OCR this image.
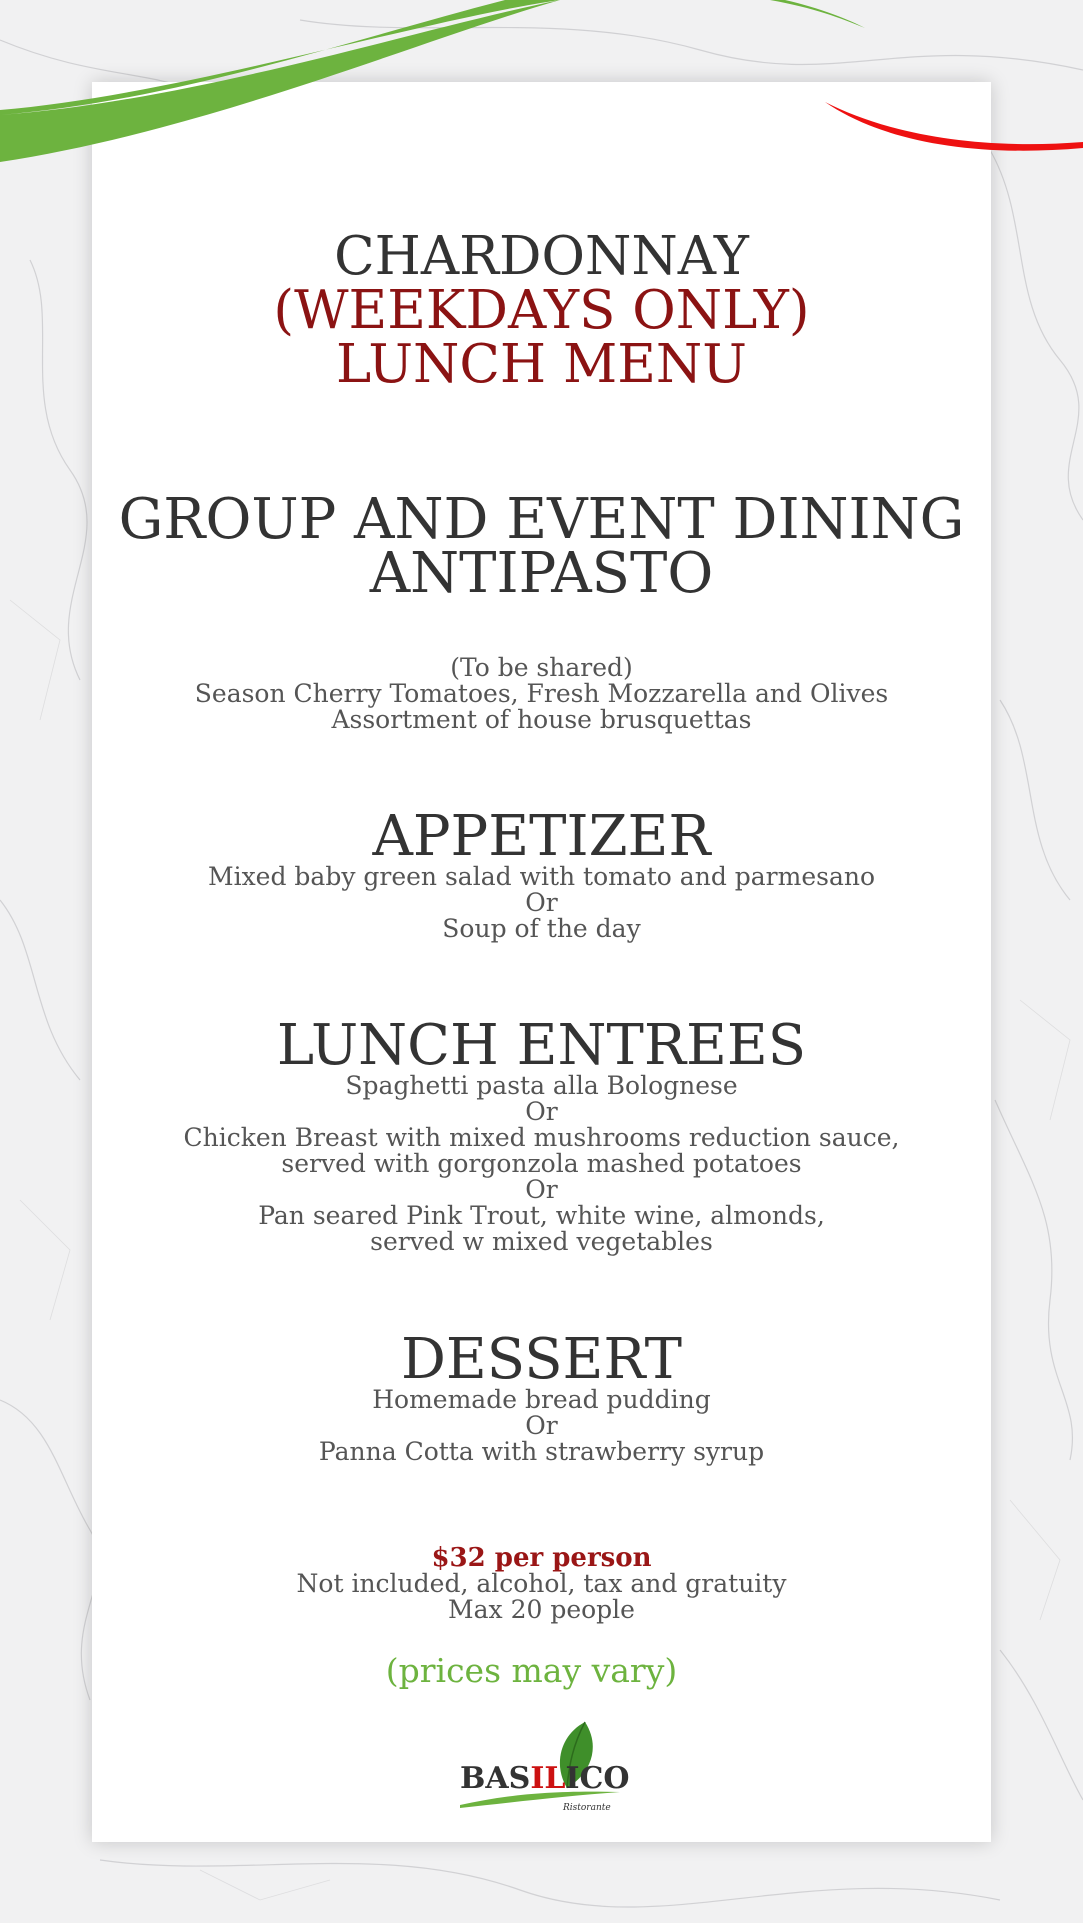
CHARDONNAY
(WEEKDAYS ONLY)
LUNCH MENU
GROUP AND EVENT DINING
ANTIPASTO
(To be shared)
Season Cherry Tomatoes, Fresh Mozzarella and Olives
Assortment of house brusquettas
APPETIZER
Mixed baby green salad with tomato and parmesano
Or
Soup of the day
LUNCH ENTREES
Spaghetti pasta alla Bolognese
Or
Chicken Breast with mixed mushrooms reduction sauce,
served with gorgonzola mashed potatoes
Or
Pan seared Pink Trout, white wine, almonds,
served w mixed vegetables
DESSERT
Homemade bread pudding
Or
Panna Cotta with strawberry syrup
$32 per person
Not included, alcohol, tax and gratuity
Max 20 people
(prices may vary)
BASILICO
Ristorante
